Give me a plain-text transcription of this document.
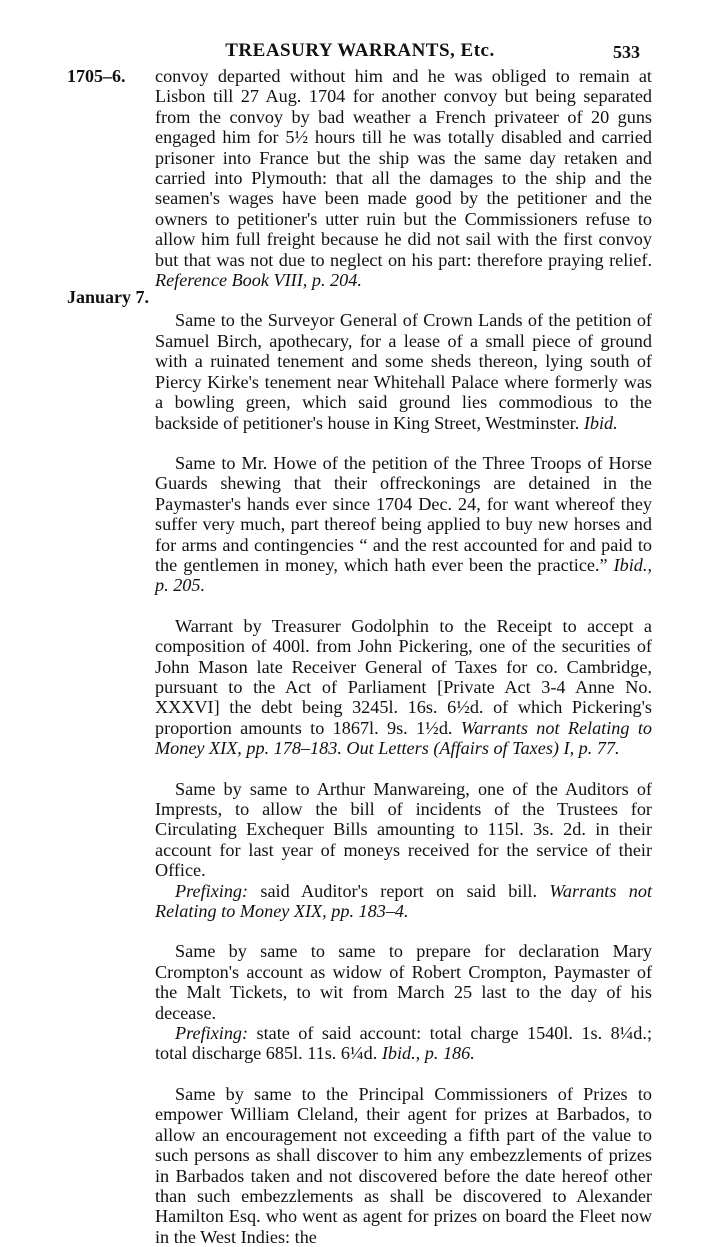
TREASURY WARRANTS, Etc.	533
1705–6.
January 7.

convoy departed without him and he was obliged to remain at Lisbon till 27 Aug. 1704 for another convoy but being separated from the convoy by bad weather a French privateer of 20 guns engaged him for 5½ hours till he was totally disabled and carried prisoner into France but the ship was the same day retaken and carried into Plymouth: that all the damages to the ship and the seamen's wages have been made good by the petitioner and the owners to petitioner's utter ruin but the Commissioners refuse to allow him full freight because he did not sail with the first convoy but that was not due to neglect on his part: therefore praying relief. Reference Book VIII, p. 204.

Same to the Surveyor General of Crown Lands of the petition of Samuel Birch, apothecary, for a lease of a small piece of ground with a ruinated tenement and some sheds thereon, lying south of Piercy Kirke's tenement near Whitehall Palace where formerly was a bowling green, which said ground lies commodious to the backside of petitioner's house in King Street, Westminster. Ibid.

Same to Mr. Howe of the petition of the Three Troops of Horse Guards shewing that their offreckonings are detained in the Paymaster's hands ever since 1704 Dec. 24, for want whereof they suffer very much, part thereof being applied to buy new horses and for arms and contingencies “ and the rest accounted for and paid to the gentlemen in money, which hath ever been the practice.” Ibid., p. 205.

Warrant by Treasurer Godolphin to the Receipt to accept a composition of 400l. from John Pickering, one of the securities of John Mason late Receiver General of Taxes for co. Cambridge, pursuant to the Act of Parliament [Private Act 3-4 Anne No. XXXVI] the debt being 3245l. 16s. 6½d. of which Pickering's proportion amounts to 1867l. 9s. 1½d. Warrants not Relating to Money XIX, pp. 178–183. Out Letters (Affairs of Taxes) I, p. 77.

Same by same to Arthur Manwareing, one of the Auditors of Imprests, to allow the bill of incidents of the Trustees for Circulating Exchequer Bills amounting to 115l. 3s. 2d. in their account for last year of moneys received for the service of their Office.

Prefixing: said Auditor's report on said bill. Warrants not Relating to Money XIX, pp. 183–4.

Same by same to same to prepare for declaration Mary Crompton's account as widow of Robert Crompton, Paymaster of the Malt Tickets, to wit from March 25 last to the day of his decease.

Prefixing: state of said account: total charge 1540l. 1s. 8¼d.; total discharge 685l. 11s. 6¼d. Ibid., p. 186.

Same by same to the Principal Commissioners of Prizes to empower William Cleland, their agent for prizes at Barbados, to allow an encouragement not exceeding a fifth part of the value to such persons as shall discover to him any embezzlements of prizes in Barbados taken and not discovered before the date hereof other than such embezzlements as shall be discovered to Alexander Hamilton Esq. who went as agent for prizes on board the Fleet now in the West Indies: the
